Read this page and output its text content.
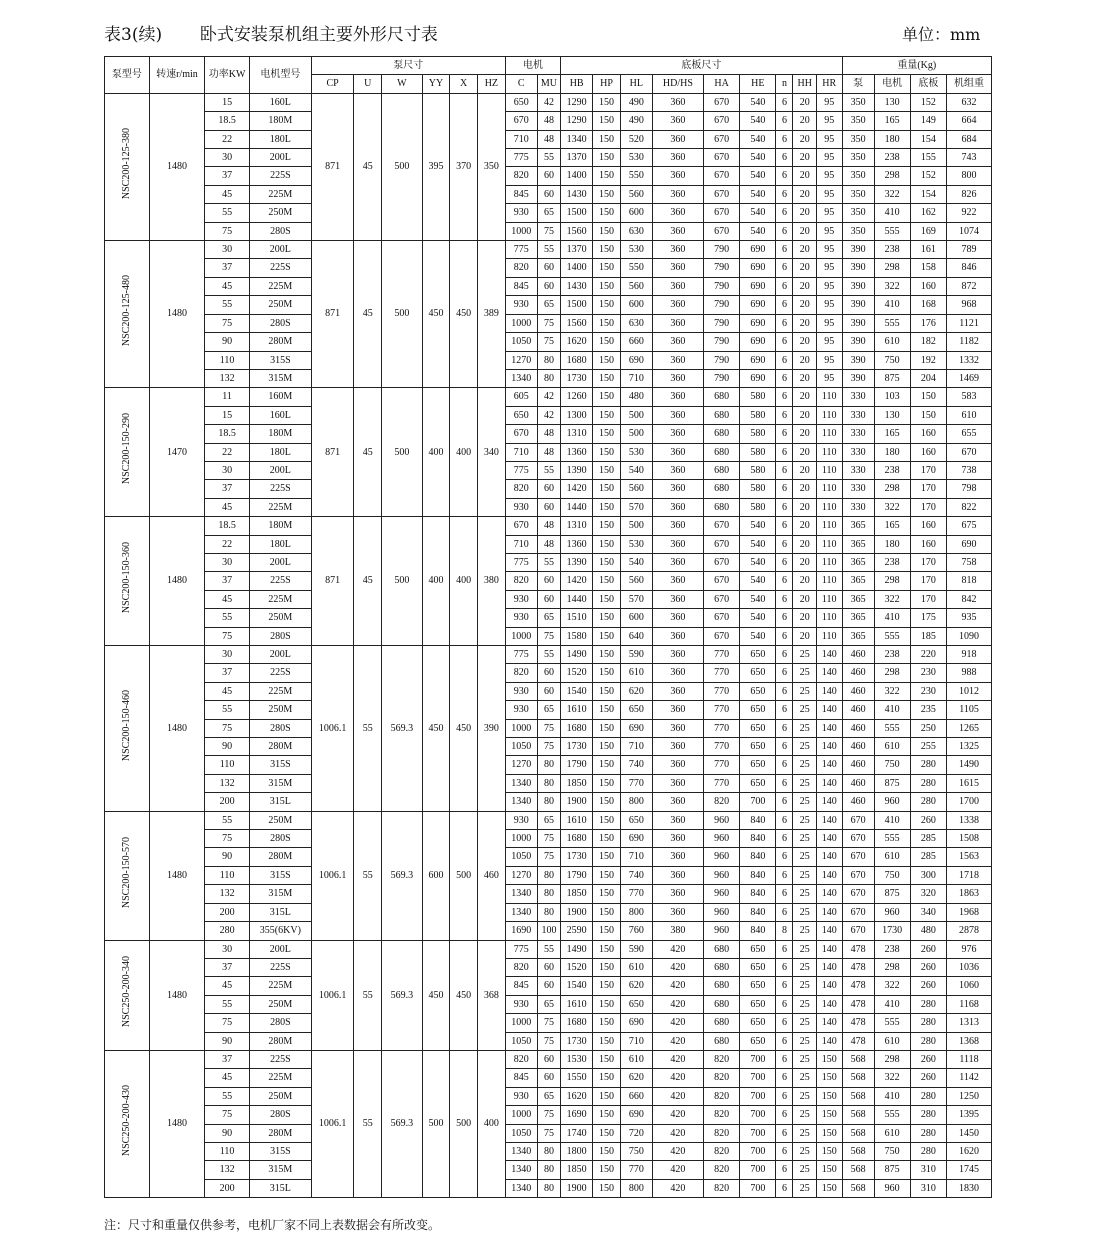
表3(续)       卧式安装泵机组主要外形尺寸表	单位：mm
泵型号	转速r/min	功率KW	电机型号	泵尺寸						电机		底板尺寸									重量(Kg)			
				CP	U	W	YY	X	HZ	C	MU	HB	HP	HL	HD/HS	HA	HE	n	HH	HR	泵	电机	底板	机组重
NSC200-125-380	1480	15	160L	871	45	500	395	370	350	650	42	1290	150	490	360	670	540	6	20	95	350	130	152	632
		18.5	180M							670	48	1290	150	490	360	670	540	6	20	95	350	165	149	664
		22	180L							710	48	1340	150	520	360	670	540	6	20	95	350	180	154	684
		30	200L							775	55	1370	150	530	360	670	540	6	20	95	350	238	155	743
		37	225S							820	60	1400	150	550	360	670	540	6	20	95	350	298	152	800
		45	225M							845	60	1430	150	560	360	670	540	6	20	95	350	322	154	826
		55	250M							930	65	1500	150	600	360	670	540	6	20	95	350	410	162	922
		75	280S							1000	75	1560	150	630	360	670	540	6	20	95	350	555	169	1074
NSC200-125-480	1480	30	200L	871	45	500	450	450	389	775	55	1370	150	530	360	790	690	6	20	95	390	238	161	789
		37	225S							820	60	1400	150	550	360	790	690	6	20	95	390	298	158	846
		45	225M							845	60	1430	150	560	360	790	690	6	20	95	390	322	160	872
		55	250M							930	65	1500	150	600	360	790	690	6	20	95	390	410	168	968
		75	280S							1000	75	1560	150	630	360	790	690	6	20	95	390	555	176	1121
		90	280M							1050	75	1620	150	660	360	790	690	6	20	95	390	610	182	1182
		110	315S							1270	80	1680	150	690	360	790	690	6	20	95	390	750	192	1332
		132	315M							1340	80	1730	150	710	360	790	690	6	20	95	390	875	204	1469
NSC200-150-290	1470	11	160M	871	45	500	400	400	340	605	42	1260	150	480	360	680	580	6	20	110	330	103	150	583
		15	160L							650	42	1300	150	500	360	680	580	6	20	110	330	130	150	610
		18.5	180M							670	48	1310	150	500	360	680	580	6	20	110	330	165	160	655
		22	180L							710	48	1360	150	530	360	680	580	6	20	110	330	180	160	670
		30	200L							775	55	1390	150	540	360	680	580	6	20	110	330	238	170	738
		37	225S							820	60	1420	150	560	360	680	580	6	20	110	330	298	170	798
		45	225M							930	60	1440	150	570	360	680	580	6	20	110	330	322	170	822
NSC200-150-360	1480	18.5	180M	871	45	500	400	400	380	670	48	1310	150	500	360	670	540	6	20	110	365	165	160	675
		22	180L							710	48	1360	150	530	360	670	540	6	20	110	365	180	160	690
		30	200L							775	55	1390	150	540	360	670	540	6	20	110	365	238	170	758
		37	225S							820	60	1420	150	560	360	670	540	6	20	110	365	298	170	818
		45	225M							930	60	1440	150	570	360	670	540	6	20	110	365	322	170	842
		55	250M							930	65	1510	150	600	360	670	540	6	20	110	365	410	175	935
		75	280S							1000	75	1580	150	640	360	670	540	6	20	110	365	555	185	1090
NSC200-150-460	1480	30	200L	1006.1	55	569.3	450	450	390	775	55	1490	150	590	360	770	650	6	25	140	460	238	220	918
		37	225S							820	60	1520	150	610	360	770	650	6	25	140	460	298	230	988
		45	225M							930	60	1540	150	620	360	770	650	6	25	140	460	322	230	1012
		55	250M							930	65	1610	150	650	360	770	650	6	25	140	460	410	235	1105
		75	280S							1000	75	1680	150	690	360	770	650	6	25	140	460	555	250	1265
		90	280M							1050	75	1730	150	710	360	770	650	6	25	140	460	610	255	1325
		110	315S							1270	80	1790	150	740	360	770	650	6	25	140	460	750	280	1490
		132	315M							1340	80	1850	150	770	360	770	650	6	25	140	460	875	280	1615
		200	315L							1340	80	1900	150	800	360	820	700	6	25	140	460	960	280	1700
NSC200-150-570	1480	55	250M	1006.1	55	569.3	600	500	460	930	65	1610	150	650	360	960	840	6	25	140	670	410	260	1338
		75	280S							1000	75	1680	150	690	360	960	840	6	25	140	670	555	285	1508
		90	280M							1050	75	1730	150	710	360	960	840	6	25	140	670	610	285	1563
		110	315S							1270	80	1790	150	740	360	960	840	6	25	140	670	750	300	1718
		132	315M							1340	80	1850	150	770	360	960	840	6	25	140	670	875	320	1863
		200	315L							1340	80	1900	150	800	360	960	840	6	25	140	670	960	340	1968
		280	355(6KV)							1690	100	2590	150	760	380	960	840	8	25	140	670	1730	480	2878
NSC250-200-340	1480	30	200L	1006.1	55	569.3	450	450	368	775	55	1490	150	590	420	680	650	6	25	140	478	238	260	976
		37	225S							820	60	1520	150	610	420	680	650	6	25	140	478	298	260	1036
		45	225M							845	60	1540	150	620	420	680	650	6	25	140	478	322	260	1060
		55	250M							930	65	1610	150	650	420	680	650	6	25	140	478	410	280	1168
		75	280S							1000	75	1680	150	690	420	680	650	6	25	140	478	555	280	1313
		90	280M							1050	75	1730	150	710	420	680	650	6	25	140	478	610	280	1368
NSC250-200-430	1480	37	225S	1006.1	55	569.3	500	500	400	820	60	1530	150	610	420	820	700	6	25	150	568	298	260	1118
		45	225M							845	60	1550	150	620	420	820	700	6	25	150	568	322	260	1142
		55	250M							930	65	1620	150	660	420	820	700	6	25	150	568	410	280	1250
		75	280S							1000	75	1690	150	690	420	820	700	6	25	150	568	555	280	1395
		90	280M							1050	75	1740	150	720	420	820	700	6	25	150	568	610	280	1450
		110	315S							1340	80	1800	150	750	420	820	700	6	25	150	568	750	280	1620
		132	315M							1340	80	1850	150	770	420	820	700	6	25	150	568	875	310	1745
		200	315L							1340	80	1900	150	800	420	820	700	6	25	150	568	960	310	1830
注：尺寸和重量仅供参考，电机厂家不同上表数据会有所改变。
